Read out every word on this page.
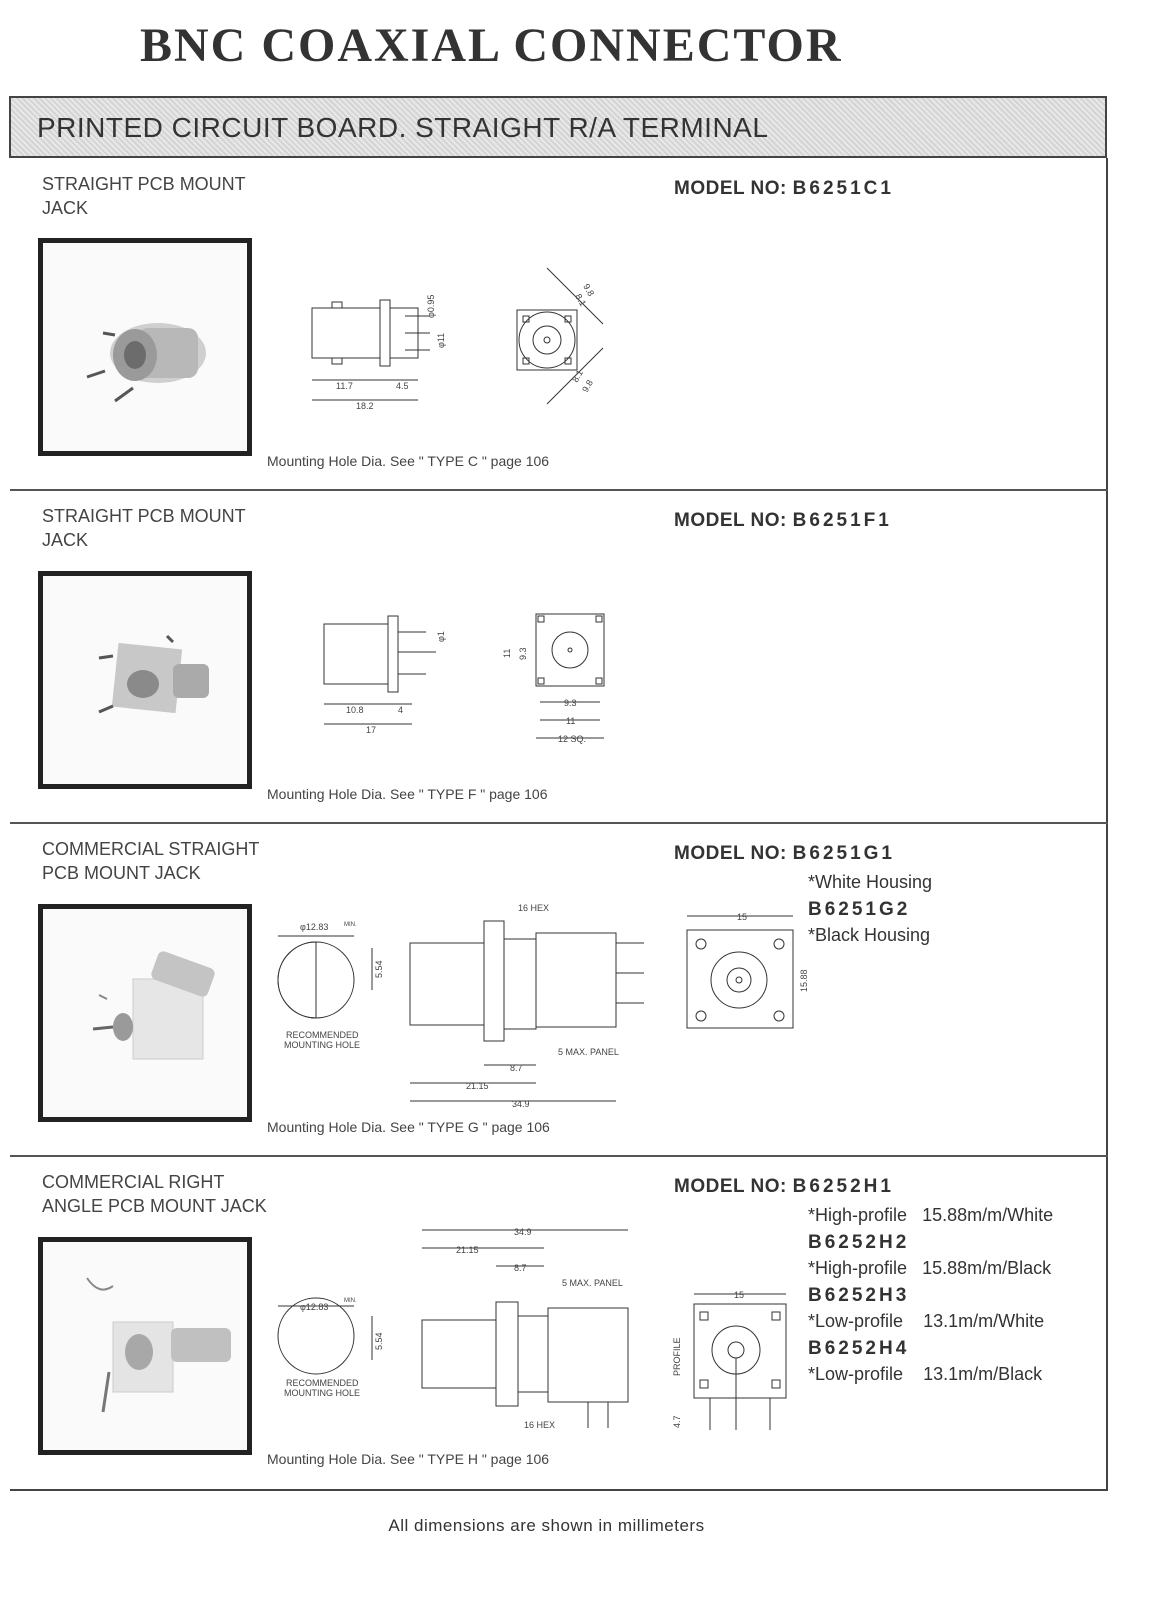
BNC COAXIAL CONNECTOR
PRINTED CIRCUIT BOARD. STRAIGHT R/A TERMINAL
STRAIGHT PCB MOUNT
JACK
11.7	4.5
18.2
φ0.95
φ11
9.8
8.1
8.1
9.8
Mounting Hole Dia. See " TYPE C " page 106
MODEL NO: B6251C1
STRAIGHT PCB MOUNT
JACK
10.8	4
17
φ1
11 9.3
9.3
11
12 SQ.
Mounting Hole Dia. See " TYPE F " page 106
MODEL NO: B6251F1
COMMERCIAL STRAIGHT
PCB MOUNT JACK
φ12.83	MIN.
5.54
RECOMMENDED
MOUNTING HOLE
16 HEX
5 MAX. PANEL
8.7
21.15
34.9
15
15.88
Mounting Hole Dia. See " TYPE G " page 106
MODEL NO: B6251G1
*White Housing
B6251G2
*Black Housing
COMMERCIAL RIGHT
ANGLE PCB MOUNT JACK
φ12.83
MIN.
5.54
RECOMMENDED
MOUNTING HOLE
34.9
21.15
8.7
5 MAX. PANEL
16 HEX
15
PROFILE
4.7
Mounting Hole Dia. See " TYPE H " page 106
MODEL NO: B6252H1
*High-profile 15.88m/m/White
B6252H2
*High-profile 15.88m/m/Black
B6252H3
*Low-profile 13.1m/m/White
B6252H4
*Low-profile 13.1m/m/Black
All dimensions are shown in millimeters
